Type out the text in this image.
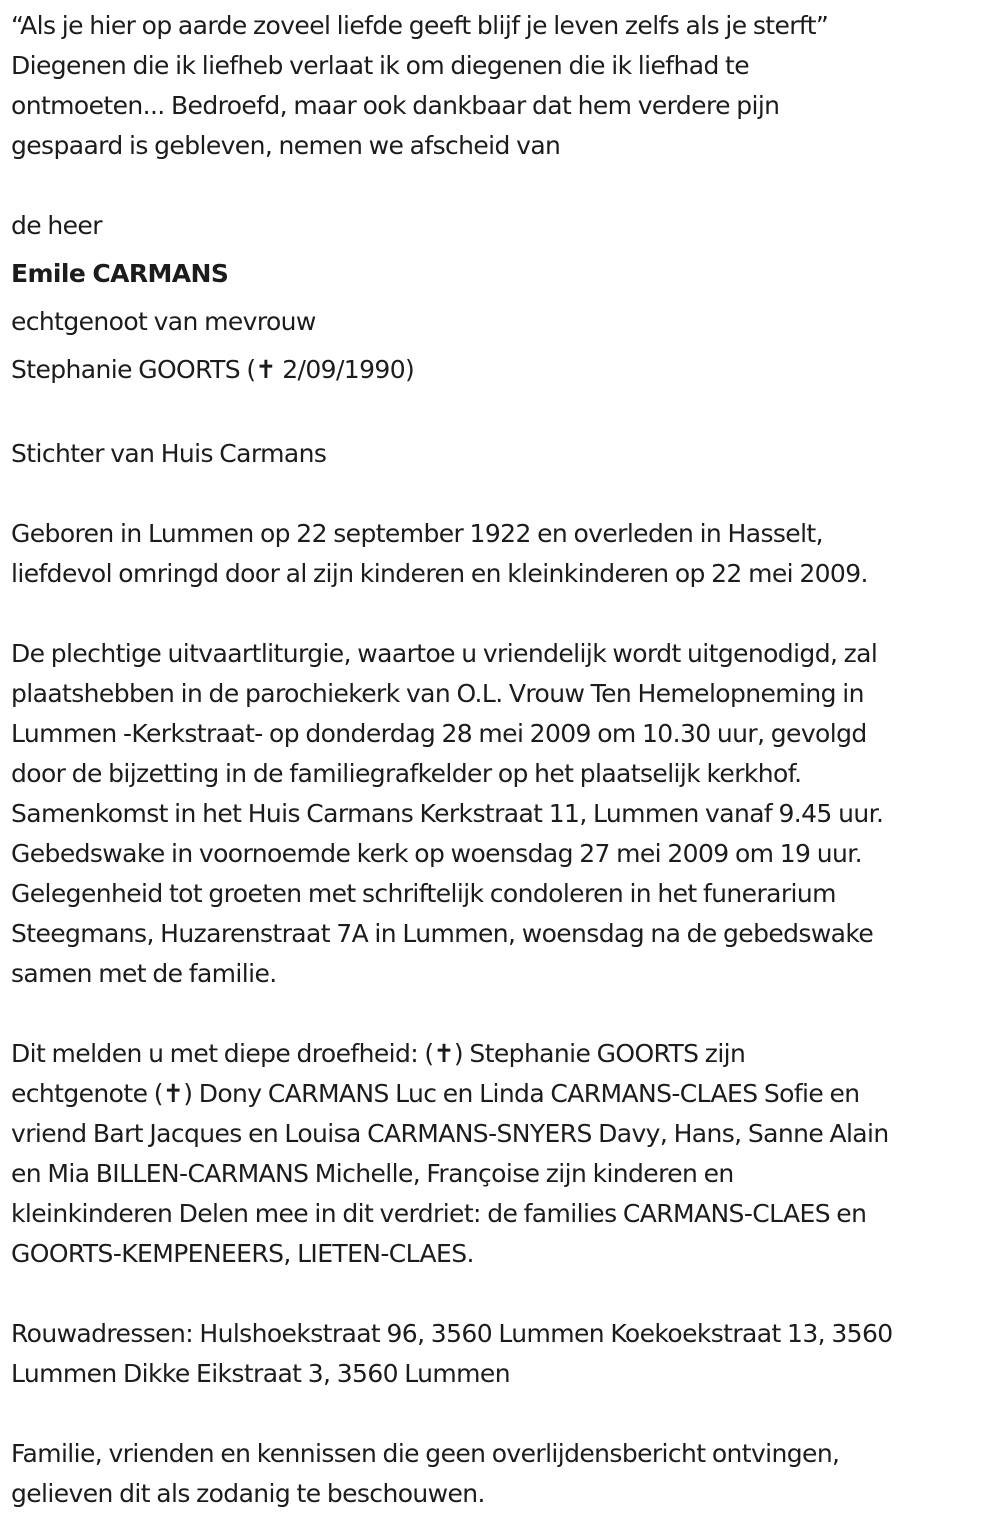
“Als je hier op aarde zoveel liefde geeft blijf je leven zelfs als je sterft”

Diegenen die ik liefheb verlaat ik om diegenen die ik liefhad te

ontmoeten... Bedroefd, maar ook dankbaar dat hem verdere pijn

gespaard is gebleven, nemen we afscheid van

de heer

Emile CARMANS

echtgenoot van mevrouw

Stephanie GOORTS (✝ 2/09/1990)

Stichter van Huis Carmans

Geboren in Lummen op 22 september 1922 en overleden in Hasselt,

liefdevol omringd door al zijn kinderen en kleinkinderen op 22 mei 2009.

De plechtige uitvaartliturgie, waartoe u vriendelijk wordt uitgenodigd, zal

plaatshebben in de parochiekerk van O.L. Vrouw Ten Hemelopneming in

Lummen -Kerkstraat- op donderdag 28 mei 2009 om 10.30 uur, gevolgd

door de bijzetting in de familiegrafkelder op het plaatselijk kerkhof.

Samenkomst in het Huis Carmans Kerkstraat 11, Lummen vanaf 9.45 uur.

Gebedswake in voornoemde kerk op woensdag 27 mei 2009 om 19 uur.

Gelegenheid tot groeten met schriftelijk condoleren in het funerarium

Steegmans, Huzarenstraat 7A in Lummen, woensdag na de gebedswake

samen met de familie.

Dit melden u met diepe droefheid: (✝) Stephanie GOORTS zijn

echtgenote (✝) Dony CARMANS Luc en Linda CARMANS-CLAES Sofie en

vriend Bart Jacques en Louisa CARMANS-SNYERS Davy, Hans, Sanne Alain

en Mia BILLEN-CARMANS Michelle, Françoise zijn kinderen en

kleinkinderen Delen mee in dit verdriet: de families CARMANS-CLAES en

GOORTS-KEMPENEERS, LIETEN-CLAES.

Rouwadressen: Hulshoekstraat 96, 3560 Lummen Koekoekstraat 13, 3560

Lummen Dikke Eikstraat 3, 3560 Lummen

Familie, vrienden en kennissen die geen overlijdensbericht ontvingen,

gelieven dit als zodanig te beschouwen.
